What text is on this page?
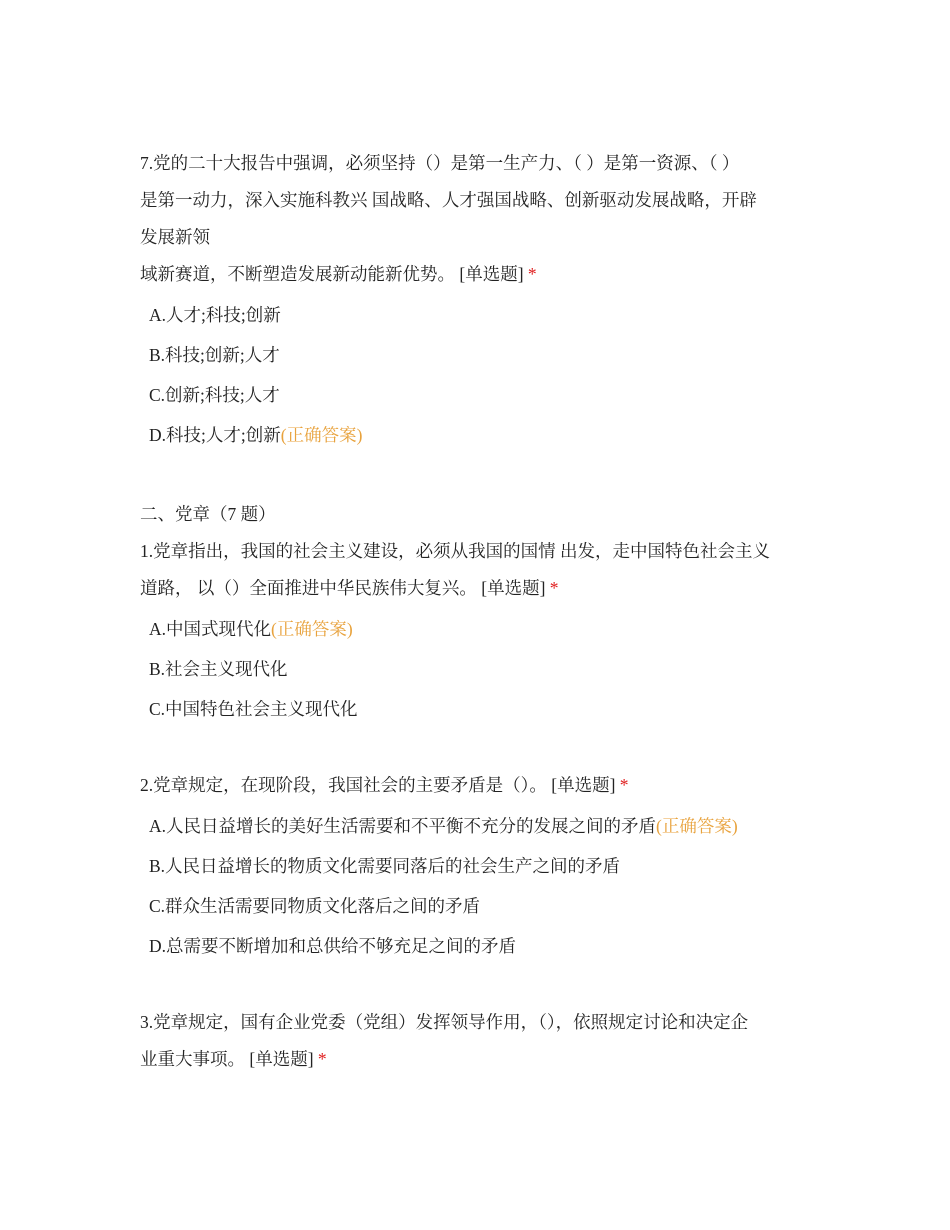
7.党的二十大报告中强调，必须坚持（）是第一生产力、（ ）是第一资源、（ ）

是第一动力，深入实施科教兴 国战略、人才强国战略、创新驱动发展战略，开辟

发展新领

域新赛道，不断塑造发展新动能新优势。 [单选题] *

A.人才;科技;创新
B.科技;创新;人才
C.创新;科技;人才
D.科技;人才;创新(正确答案)

二、党章（7 题）

1.党章指出，我国的社会主义建设，必须从我国的国情 出发，走中国特色社会主义

道路， 以（）全面推进中华民族伟大复兴。 [单选题] *

A.中国式现代化(正确答案)
B.社会主义现代化
C.中国特色社会主义现代化

2.党章规定，在现阶段，我国社会的主要矛盾是（）。 [单选题] *

A.人民日益增长的美好生活需要和不平衡不充分的发展之间的矛盾(正确答案)
B.人民日益增长的物质文化需要同落后的社会生产之间的矛盾
C.群众生活需要同物质文化落后之间的矛盾
D.总需要不断增加和总供给不够充足之间的矛盾

3.党章规定，国有企业党委（党组）发挥领导作用，（），依照规定讨论和决定企

业重大事项。 [单选题] *
